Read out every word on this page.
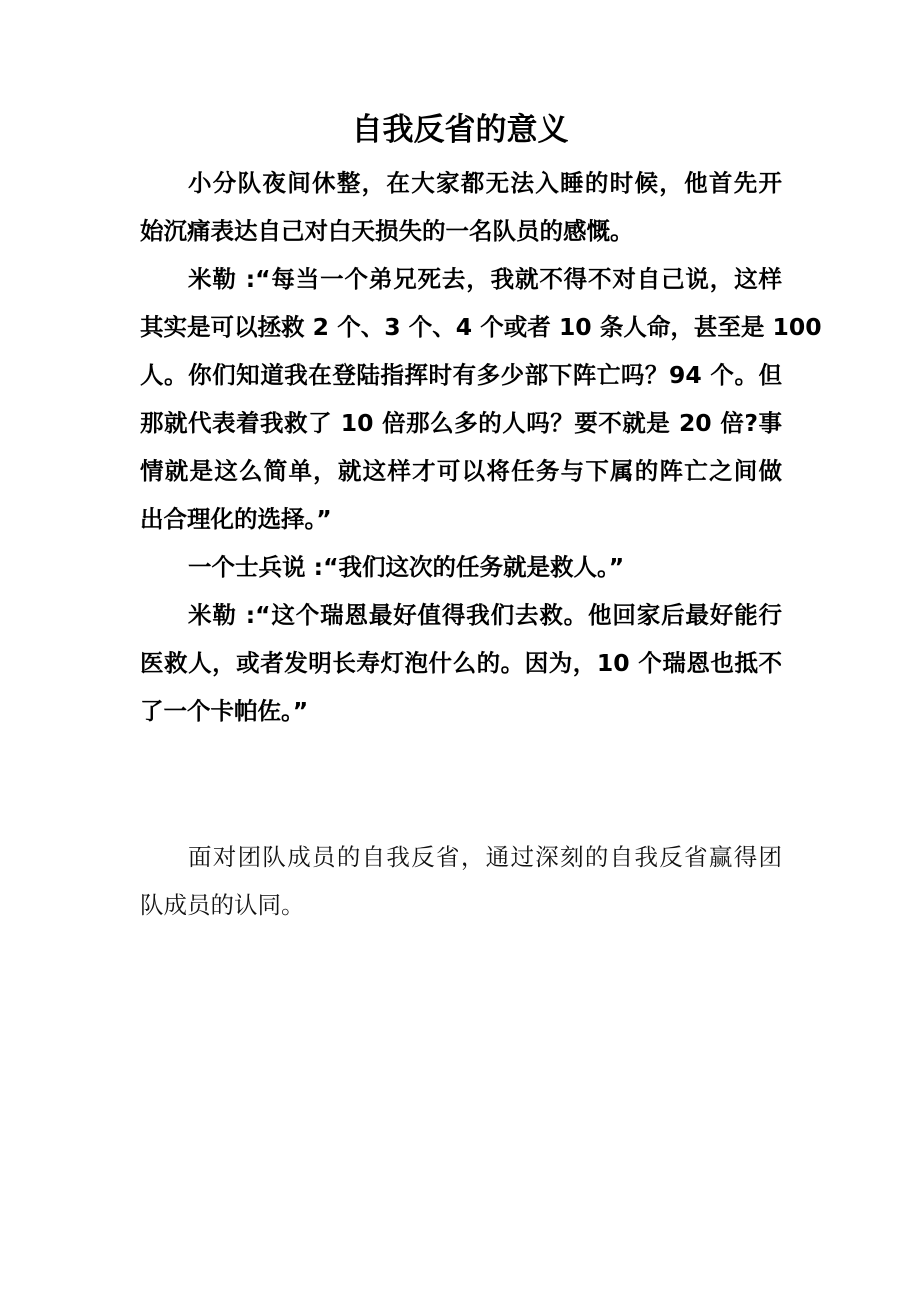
自我反省的意义
小分队夜间休整，在大家都无法入睡的时候，他首先开
始沉痛表达自己对白天损失的一名队员的感慨。
米勒 :“每当一个弟兄死去，我就不得不对自己说，这样
其实是可以拯救 2 个、3 个、4 个或者 10 条人命，甚至是 100
人。你们知道我在登陆指挥时有多少部下阵亡吗？94 个。但
那就代表着我救了 10 倍那么多的人吗？要不就是 20 倍?事
情就是这么简单，就这样才可以将任务与下属的阵亡之间做
出合理化的选择。”
一个士兵说 :“我们这次的任务就是救人。”
米勒 :“这个瑞恩最好值得我们去救。他回家后最好能行
医救人，或者发明长寿灯泡什么的。因为，10 个瑞恩也抵不
了一个卡帕佐。”
面对团队成员的自我反省，通过深刻的自我反省赢得团
队成员的认同。
